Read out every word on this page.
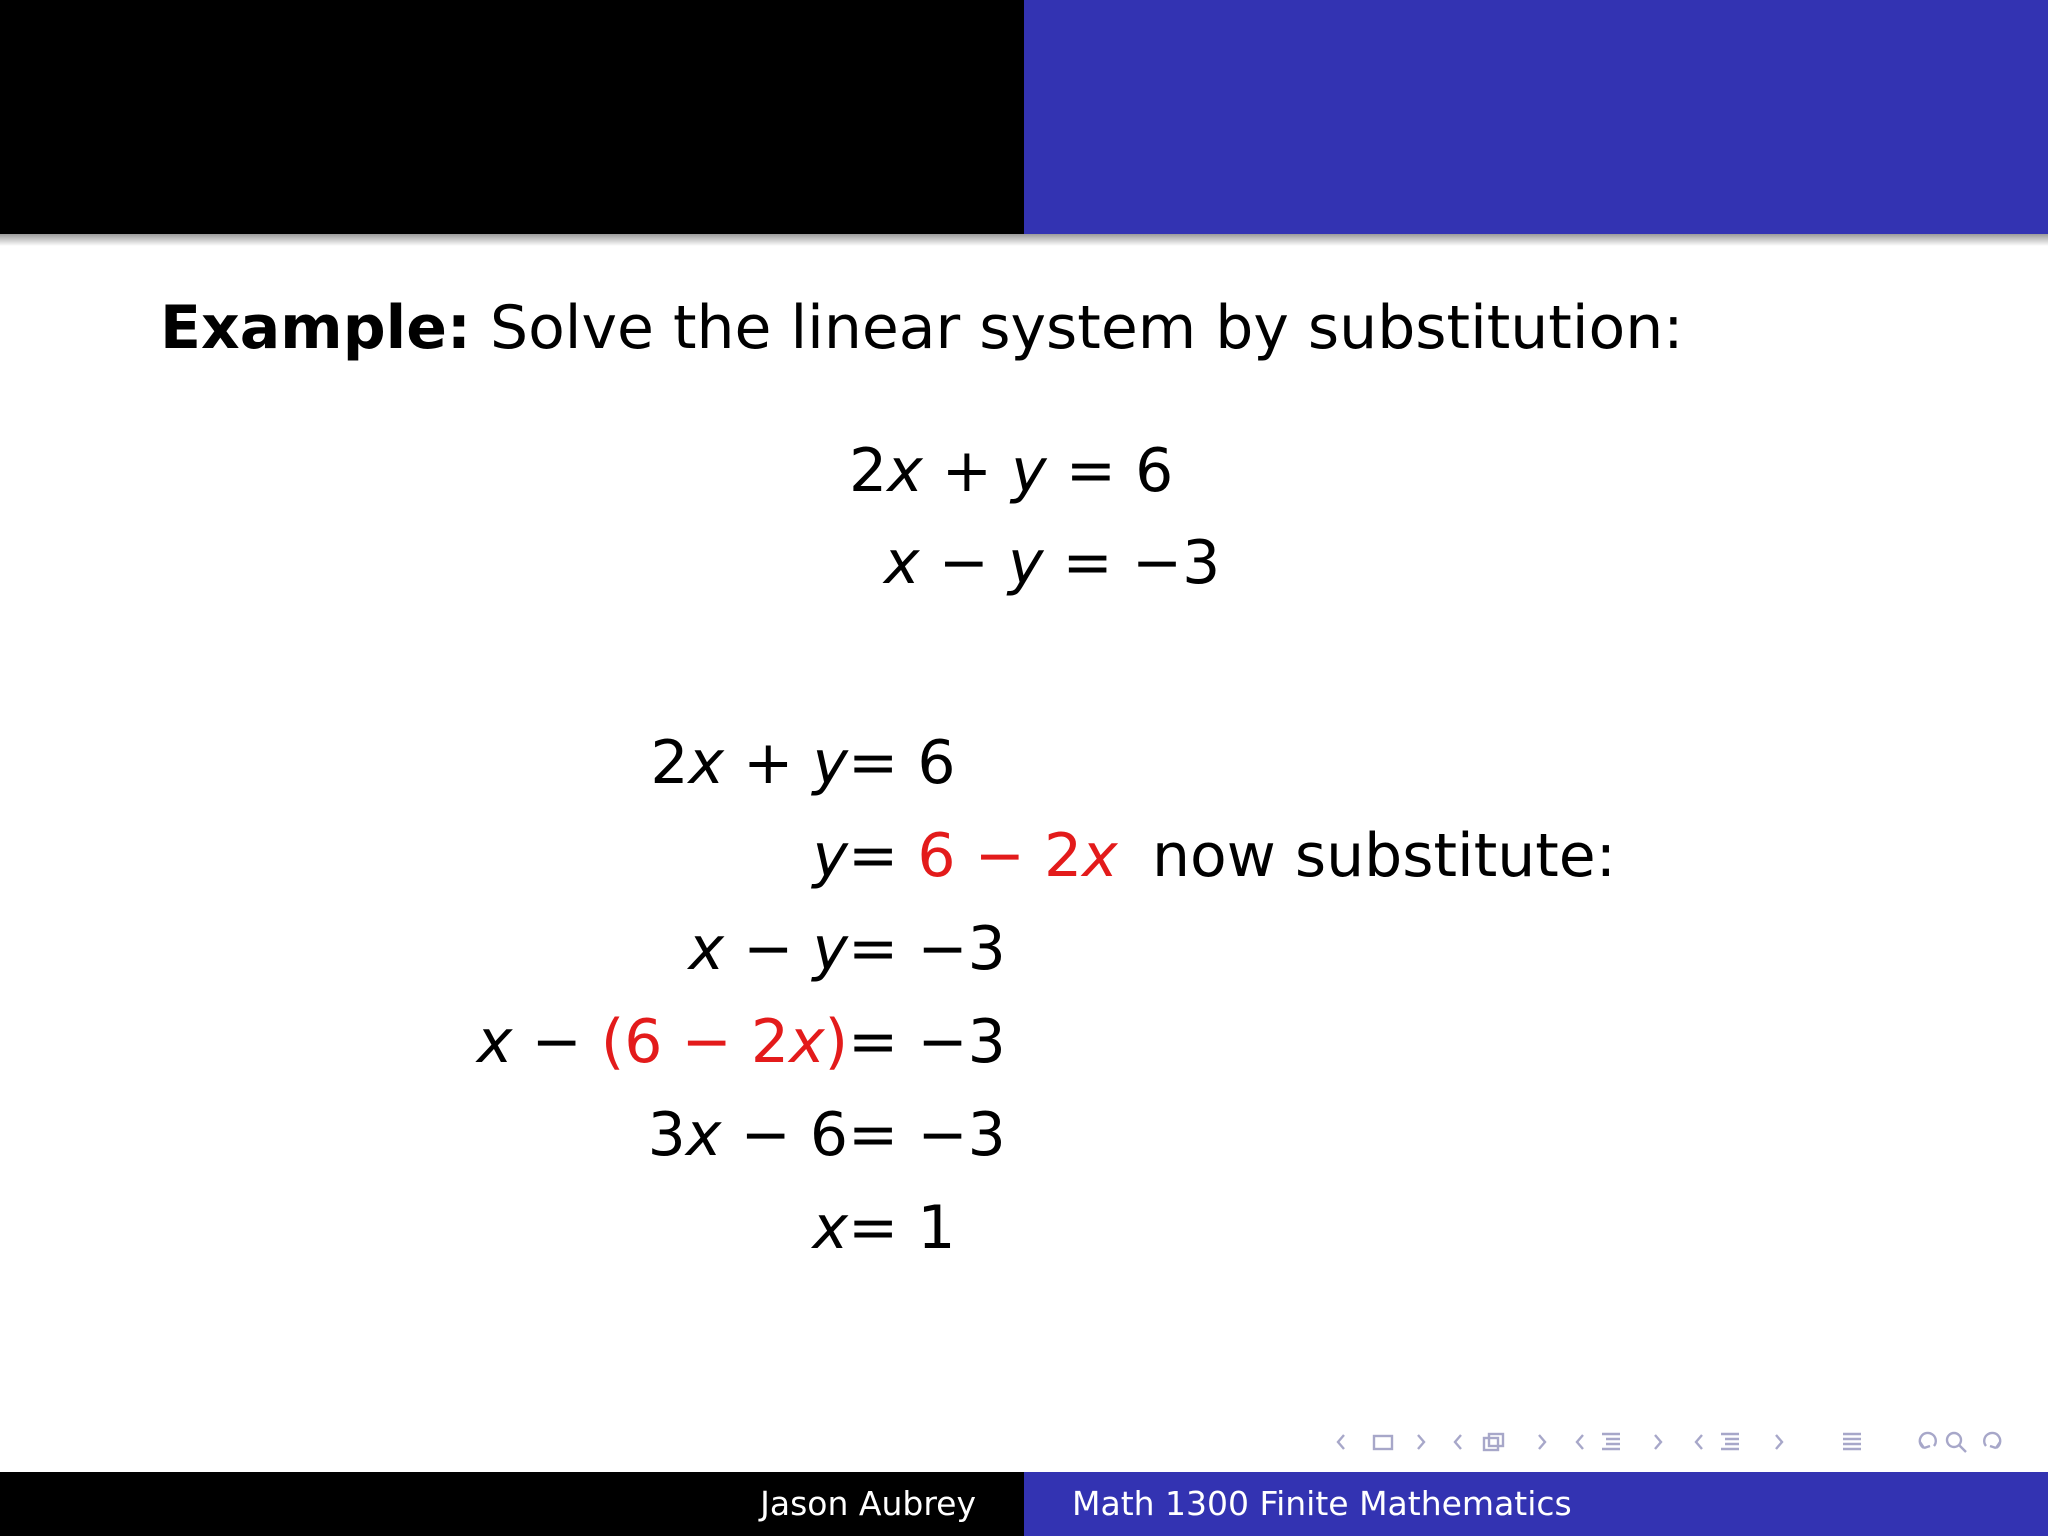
Example: Solve the linear system by substitution:
2x + y = 6
x − y = −3
2x + y = 6
y = 6 − 2x now substitute:
x − y = −3
x − (6 − 2x) = −3
3x − 6 = −3
x = 1
Jason Aubrey	Math 1300 Finite Mathematics
